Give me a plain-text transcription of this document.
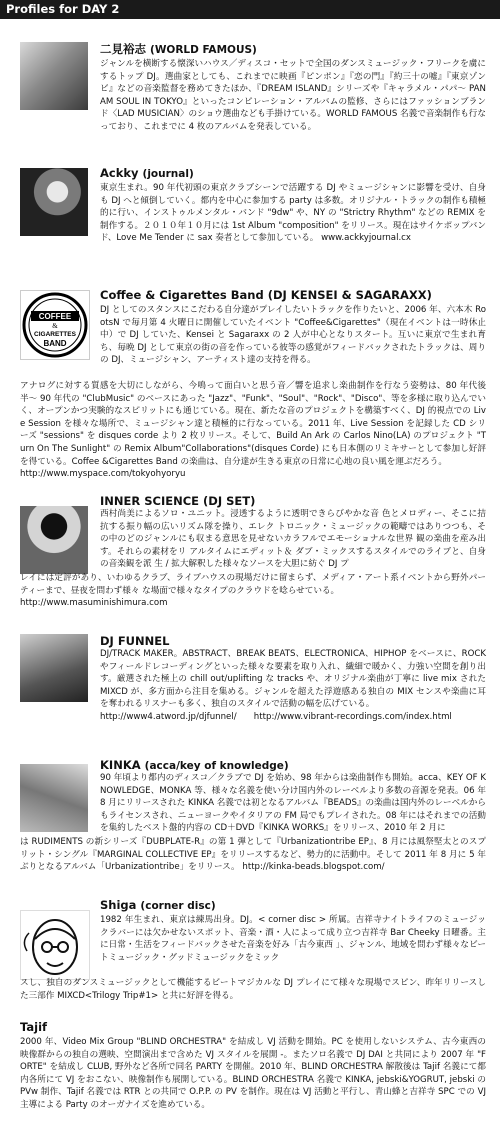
Profiles for DAY 2
二見裕志 (WORLD FAMOUS)
ジャンルを横断する懐深いハウス／ディスコ・セットで全国のダンスミュージック・フリークを虜にするトップ DJ。選曲家としても、これまでに映画『ピンポン』『恋の門』『約三十の嘘』『東京ゾンビ』などの音楽監督を務めてきたほか、『DREAM ISLAND』シリーズや『キャラメル・パパ〜 PANAM SOUL IN TOKYO』といったコンピレーション・アルバムの監修、さらにはファッションブランド〈LAD MUSICIAN〉のショウ選曲なども手掛けている。WORLD FAMOUS 名義で音楽制作も行なっており、これまでに 4 枚のアルバムを発表している。
Ackky (journal)
東京生まれ。90 年代初頭の東京クラブシーンで活躍する DJ やミュージシャンに影響を受け、自身も DJ へと傾倒していく。都内を中心に参加する party は多数。オリジナル・トラックの制作も積極的に行い、インストゥルメンタル・バンド "9dw" や、NY の "Strictry Rhythm" などの REMIX を制作する。２０１０年１０月には 1st Album "composition" をリリース。現在はサイケポップバンド、Love Me Tender に sax 奏者として参加している。 www.ackkyjournal.cx
COFFEE
&
CIGARETTES
BAND
Coffee & Cigarettes Band (DJ KENSEI & SAGARAXX)
DJ としてのスタンスにこだわる自分達がプレイしたいトラックを作りたいと、2006 年、六本木 RootsN で毎月第 4 火曜日に開催していたイベント "Coffee&Cigarettes"（現在イベントは一時休止中）で DJ していた、Kensei と Sagaraxx の 2 人が中心となりスタート。互いに東京で生まれ育ち、毎晩 DJ として東京の街の音を作っている彼等の感覚がフィードバックされたトラックは、周りの DJ、ミュージシャン、アーティスト達の支持を得る。
アナログに対する質感を大切にしながら、今鳴って面白いと思う音／響を追求し楽曲制作を行なう姿勢は、80 年代後半〜 90 年代の "ClubMusic" のベースにあった "Jazz"、"Funk"、"Soul"、"Rock"、"Disco"、等を多様に取り込んでいく、オープンかつ実験的なスピリットにも通じている。現在、新たな音のプロジェクトを構築すべく、DJ 的視点での Live Session を様々な場所で、ミュージシャン達と積極的に行なっている。2011 年、Live Session を記録した CD シリーズ "sessions" を disques corde より 2 枚リリース。そして、Build An Ark の Carlos Nino(LA) のプロジェクト "Turn On The Sunlight" の Remix Album"Collaborations"(disques Corde) にも日本側のリミキサーとして参加し好評を得ている。Coffee &Cigarettes Band の楽曲は、自分達が生きる東京の日常に心地の良い風を運ぶだろう。
http://www.myspace.com/tokyohyoryu
INNER SCIENCE (DJ SET)
西村尚美によるソロ・ユニット。浸透するように透明できらびやかな音 色とメロディー、そこに拮抗する振り幅の広いリズム隊を操り、エレク トロニック・ミュージックの範疇ではありつつも、その中のどのジャンルにも収まる意思を見せないカラフルでエモーショナルな世界 観の楽曲を産み出す。それらの素材をリ アルタイムにエディット＆ ダブ・ミックスするスタイルでのライブと、自身の音楽観を派 生 / 拡大解釈した様々なソースを大胆に紡ぐ DJ プ
レイには定評があり、いわゆるクラブ、ライブハウスの現場だけに留まらず、メディア・アート系イベントから野外パーティーまで、昼夜を問わず様々 な場面で様々なタイプのクラウドを唸らせている。
http://www.masuminishimura.com
DJ FUNNEL
DJ/TRACK MAKER。ABSTRACT、BREAK BEATS、ELECTRONICA、HIPHOP をベースに、ROCK やフィールドレコーディングといった様々な要素を取り入れ、繊細で暖かく、力強い空間を創り出す。厳選された極上の chill out/uplifting な tracks や、オリジナル楽曲が丁寧に live mix された MIXCD が、多方面から注目を集める。ジャンルを超えた浮遊感ある独自の MIX センスや楽曲に耳を奪われるリスナーも多く、独自のスタイルで活動の幅を広げている。
http://www4.atword.jp/djfunnel/　　http://www.vibrant-recordings.com/index.html
KINKA (acca/key of knowledge)
90 年頃より都内のディスコ／クラブで DJ を始め、98 年からは楽曲制作も開始。acca、KEY OF KNOWLEDGE、MONKA 等、様々な名義を使い分け国内外のレーベルより多数の音源を発表。06 年 8 月にリリースされた KINKA 名義では初となるアルバム『BEADS』の楽曲は国内外のレーベルからもライセンスされ、ニューヨークやイタリアの FM 局でもプレイされた。08 年にはそれまでの活動を集約したベスト盤的内容の CD＋DVD『KINKA WORKS』をリリース、2010 年 2 月に
は RUDIMENTS の新シリーズ『DUBPLATE-R』の第 1 弾として『Urbanizationtribe EP』、8 月には風祭堅太とのスプリット・シングル『MARGINAL COLLECTIVE EP』をリリースするなど、勢力的に活動中。そして 2011 年 8 月に 5 年ぶりとなるアルバム「Urbanizationtribe」をリリース。 http://kinka-beads.blogspot.com/
Shiga (corner disc)
1982 年生まれ、東京は練馬出身。DJ。< corner disc > 所属。吉祥寺ナイトライフのミュージックラバーには欠かせないスポット、音楽・酒・人によって成り立つ吉祥寺 Bar Cheeky 日曜番。主に日常・生活をフィードバックさせた音楽を好み「古今東西 」、ジャンル、地域を問わず様々なビートミュージック・グッドミュージックをミック
スし、独自のダンスミュージックとして機能するビートマジカルな DJ プレイにて様々な現場でスピン、昨年リリースした三部作 MIXCD<Trilogy Trip#1> と共に好評を得る。
Tajif
2000 年、Video Mix Group "BLIND ORCHESTRA" を結成し VJ 活動を開始。PC を使用しないシステム、古今東西の映像群からの独自の選映、空間演出まで含めた VJ スタイルを展開 -。またソロ名義で DJ DAI と共同により 2007 年 "FORTE" を結成し CLUB, 野外など各所で同名 PARTY を開催。2010 年、BLIND ORCHESTRA 解散後は Tajif 名義にて都内各所にて VJ をおこない、映像制作も展開している。BLIND ORCHESTRA 名義で KINKA, jebski&YOGRUT, jebski の PVw 制作、Tajif 名義では RTR との共同で O.P.P. の PV を制作。現在は VJ 活動と平行し、青山蜂と吉祥寺 SPC での VJ 主導による Party のオーガナイズを進めている。
